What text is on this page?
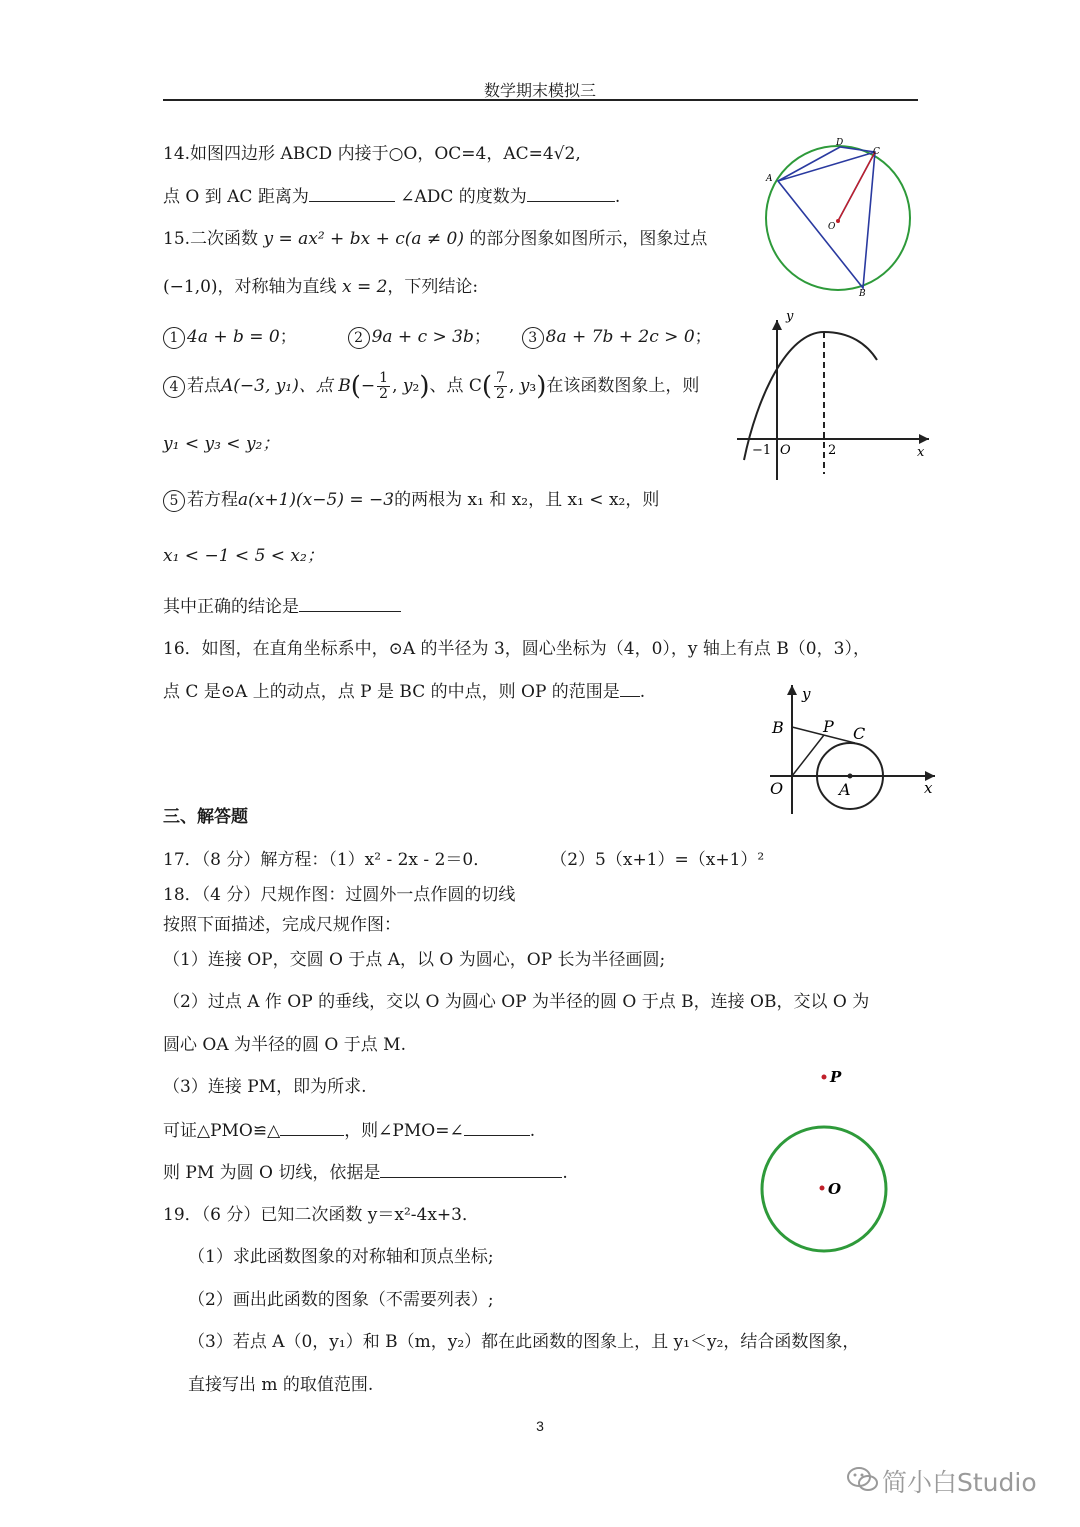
数学期末模拟三
14.如图四边形 ABCD 内接于○O，OC=4，AC=4√2,
点 O 到 AC 距离为	∠ADC 的度数为	.
15.二次函数 y = ax² + bx + c(a ≠ 0) 的部分图象如图所示，图象过点
(−1,0)，对称轴为直线 x = 2，下列结论:
1 4a + b = 0；	2 9a + c > 3b；	3 8a + 7b + 2c > 0；
4 若点A(−3, y₁)、点 $B(- \frac{1}{2}$ , y₂)、点 $C( \frac{7}{2}$ , y₃)在该函数图象上，则
y₁ < y₃ < y₂；
5 若方程a(x+1)(x−5) = −3的两根为 x₁ 和 x₂，且 x₁ < x₂，则
x₁ < −1 < 5 < x₂；
其中正确的结论是
16．如图，在直角坐标系中，⊙A 的半径为 3，圆心坐标为（4，0），y 轴上有点 B（0，3），
点 C 是⊙A 上的动点，点 P 是 BC 的中点，则 OP 的范围是 .
三、解答题
17．（8 分）解方程：（1）x² - 2x - 2＝0．	（2）5（x+1）=（x+1）²
18．（4 分）尺规作图：过圆外一点作圆的切线
按照下面描述，完成尺规作图：
（1）连接 OP，交圆 O 于点 A，以 O 为圆心，OP 长为半径画圆;
（2）过点 A 作 OP 的垂线，交以 O 为圆心 OP 为半径的圆 O 于点 B，连接 OB，交以 O 为
圆心 OA 为半径的圆 O 于点 M.
（3）连接 PM，即为所求.
可证△PMO≌△	，则∠PMO=∠	.
则 PM 为圆 O 切线，依据是	.
19．（6 分）已知二次函数 y＝x²-4x+3．
（1）求此函数图象的对称轴和顶点坐标;
（2）画出此函数的图象（不需要列表）;
（3）若点 A（0，y₁）和 B（m，y₂）都在此函数的图象上，且 y₁＜y₂，结合函数图象，
直接写出 m 的取值范围.
D
C
A
O
B
y
x
−1 O	2
y
x
B P C
O	A
P
O
3
简小白Studio
